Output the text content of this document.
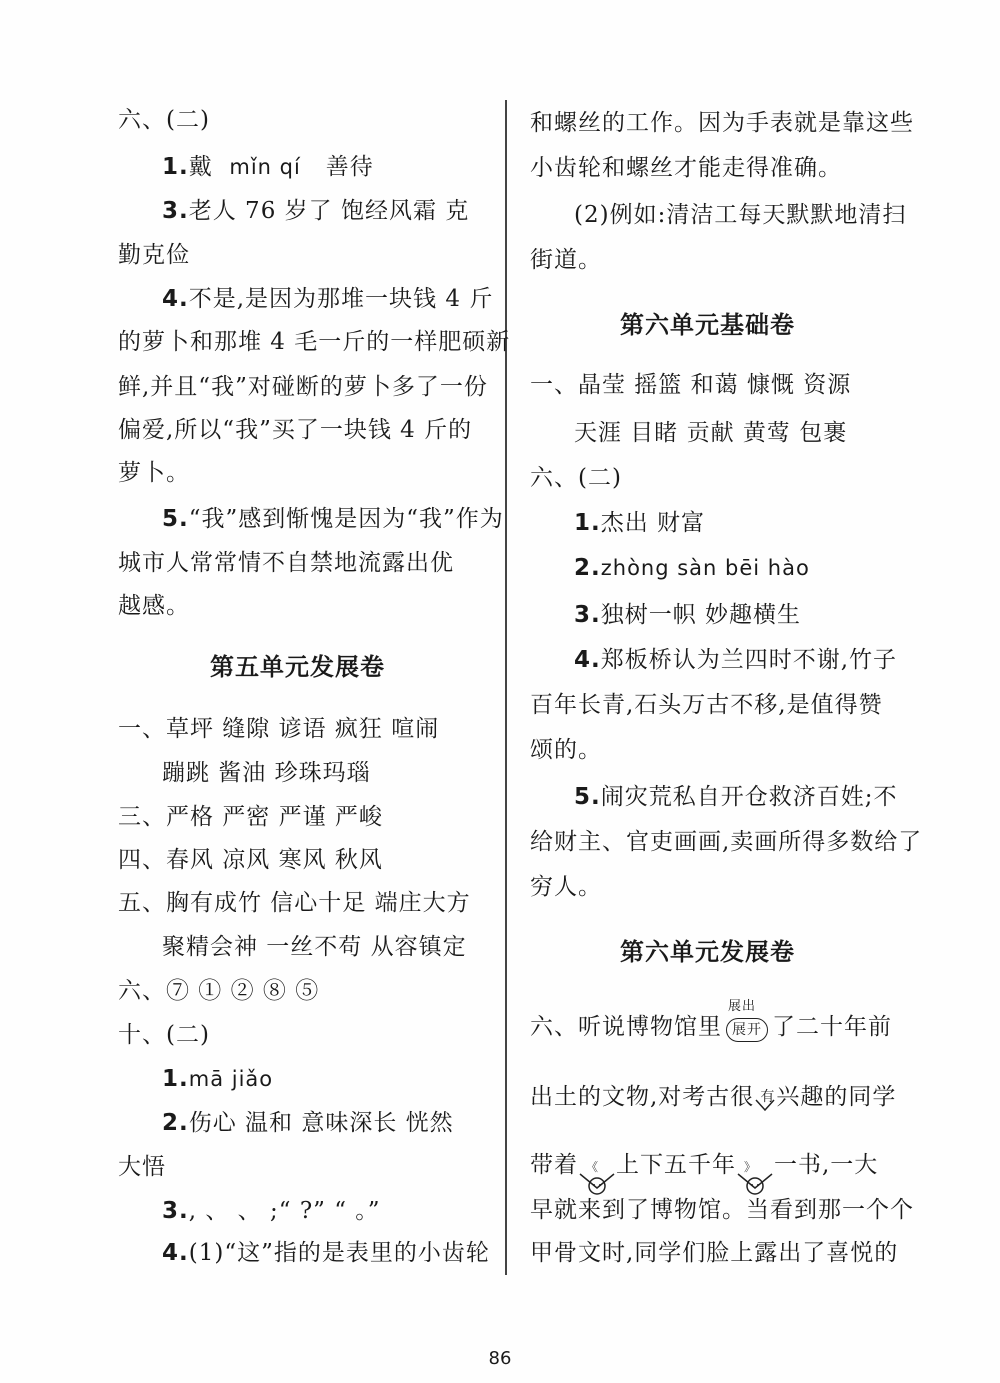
六、(二)
1.戴 mǐn qí 善待
3.老人 76 岁了 饱经风霜 克
勤克俭
4.不是,是因为那堆一块钱 4 斤
的萝卜和那堆 4 毛一斤的一样肥硕新
鲜,并且“我”对碰断的萝卜多了一份
偏爱,所以“我”买了一块钱 4 斤的
萝卜。
5.“我”感到惭愧是因为“我”作为
城市人常常情不自禁地流露出优
越感。
第五单元发展卷
一、草坪 缝隙 谚语 疯狂 喧闹
蹦跳 酱油 珍珠玛瑙
三、严格 严密 严谨 严峻
四、春风 凉风 寒风 秋风
五、胸有成竹 信心十足 端庄大方
聚精会神 一丝不苟 从容镇定
六、⑦ ① ② ⑧ ⑤
十、(二)
1.mā jiǎo
2.伤心 温和 意味深长 恍然
大悟
3., 、 、 ;“ ?” “ 。”
4.(1)“这”指的是表里的小齿轮
和螺丝的工作。因为手表就是靠这些
小齿轮和螺丝才能走得准确。
(2)例如:清洁工每天默默地清扫
街道。
第六单元基础卷
一、晶莹 摇篮 和蔼 慷慨 资源
天涯 目睹 贡献 黄莺 包裹
六、(二)
1.杰出 财富
2.zhòng sàn bēi hào
3.独树一帜 妙趣横生
4.郑板桥认为兰四时不谢,竹子
百年长青,石头万古不移,是值得赞
颂的。
5.闹灾荒私自开仓救济百姓;不
给财主、官吏画画,卖画所得多数给了
穷人。
第六单元发展卷
六、听说博物馆里
展出
展开 了二十年前
出土的文物,对考古很 有 兴趣的同学
带着 《 上下五千年 》 一书,一大
早就来到了博物馆。当看到那一个个
甲骨文时,同学们脸上露出了喜悦的
86
